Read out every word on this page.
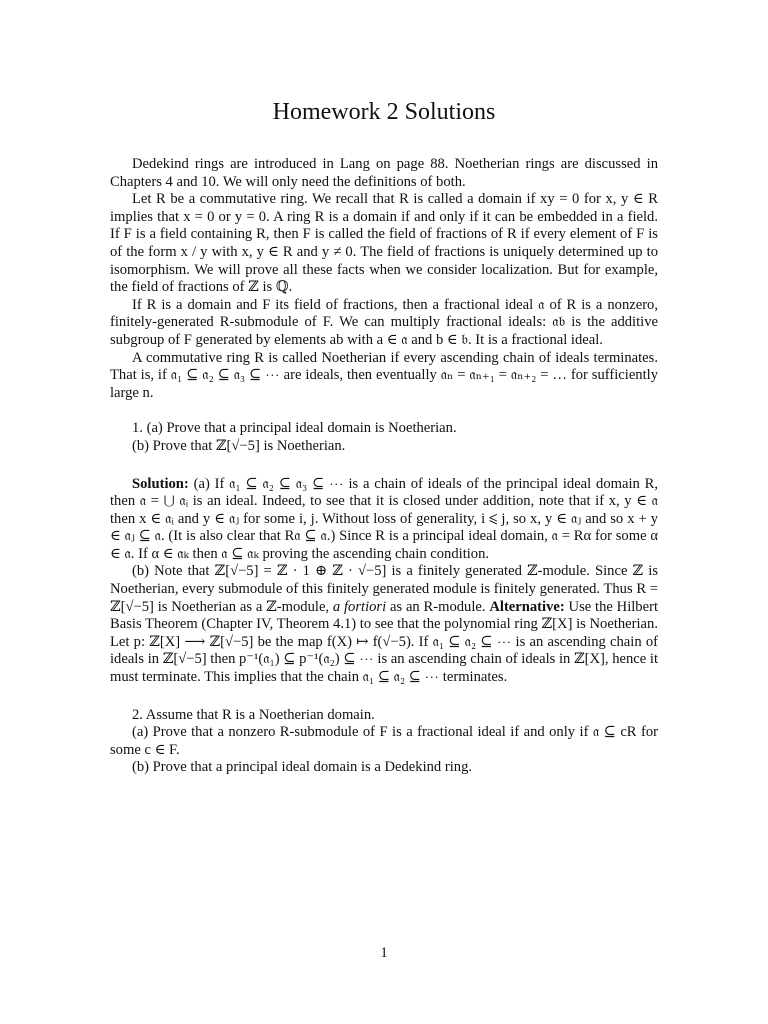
Homework 2 Solutions

Dedekind rings are introduced in Lang on page 88. Noetherian rings are discussed in Chapters 4 and 10. We will only need the definitions of both.

Let R be a commutative ring. We recall that R is called a domain if xy = 0 for x, y ∈ R implies that x = 0 or y = 0. A ring R is a domain if and only if it can be embedded in a field. If F is a field containing R, then F is called the field of fractions of R if every element of F is of the form x / y with x, y ∈ R and y ≠ 0. The field of fractions is uniquely determined up to isomorphism. We will prove all these facts when we consider localization. But for example, the field of fractions of ℤ is ℚ.

If R is a domain and F its field of fractions, then a fractional ideal 𝔞 of R is a nonzero, finitely-generated R-submodule of F. We can multiply fractional ideals: 𝔞𝔟 is the additive subgroup of F generated by elements ab with a ∈ 𝔞 and b ∈ 𝔟. It is a fractional ideal.

A commutative ring R is called Noetherian if every ascending chain of ideals terminates. That is, if 𝔞₁ ⊆ 𝔞₂ ⊆ 𝔞₃ ⊆ ⋯ are ideals, then eventually 𝔞ₙ = 𝔞ₙ₊₁ = 𝔞ₙ₊₂ = … for sufficiently large n.

1. (a) Prove that a principal ideal domain is Noetherian.

(b) Prove that ℤ[√−5] is Noetherian.

Solution: (a) If 𝔞₁ ⊆ 𝔞₂ ⊆ 𝔞₃ ⊆ ⋯ is a chain of ideals of the principal ideal domain R, then 𝔞 = ⋃ 𝔞ᵢ is an ideal. Indeed, to see that it is closed under addition, note that if x, y ∈ 𝔞 then x ∈ 𝔞ᵢ and y ∈ 𝔞ⱼ for some i, j. Without loss of generality, i ⩽ j, so x, y ∈ 𝔞ⱼ and so x + y ∈ 𝔞ⱼ ⊆ 𝔞. (It is also clear that R𝔞 ⊆ 𝔞.) Since R is a principal ideal domain, 𝔞 = Rα for some α ∈ 𝔞. If α ∈ 𝔞ₖ then 𝔞 ⊆ 𝔞ₖ proving the ascending chain condition.

(b) Note that ℤ[√−5] = ℤ · 1 ⊕ ℤ · √−5] is a finitely generated ℤ-module. Since ℤ is Noetherian, every submodule of this finitely generated module is finitely generated. Thus R = ℤ[√−5] is Noetherian as a ℤ-module, a fortiori as an R-module. Alternative: Use the Hilbert Basis Theorem (Chapter IV, Theorem 4.1) to see that the polynomial ring ℤ[X] is Noetherian. Let p: ℤ[X] ⟶ ℤ[√−5] be the map f(X) ↦ f(√−5). If 𝔞₁ ⊆ 𝔞₂ ⊆ ⋯ is an ascending chain of ideals in ℤ[√−5] then p⁻¹(𝔞₁) ⊆ p⁻¹(𝔞₂) ⊆ ⋯ is an ascending chain of ideals in ℤ[X], hence it must terminate. This implies that the chain 𝔞₁ ⊆ 𝔞₂ ⊆ ⋯ terminates.

2. Assume that R is a Noetherian domain.

(a) Prove that a nonzero R-submodule of F is a fractional ideal if and only if 𝔞 ⊆ cR for some c ∈ F.

(b) Prove that a principal ideal domain is a Dedekind ring.

1
